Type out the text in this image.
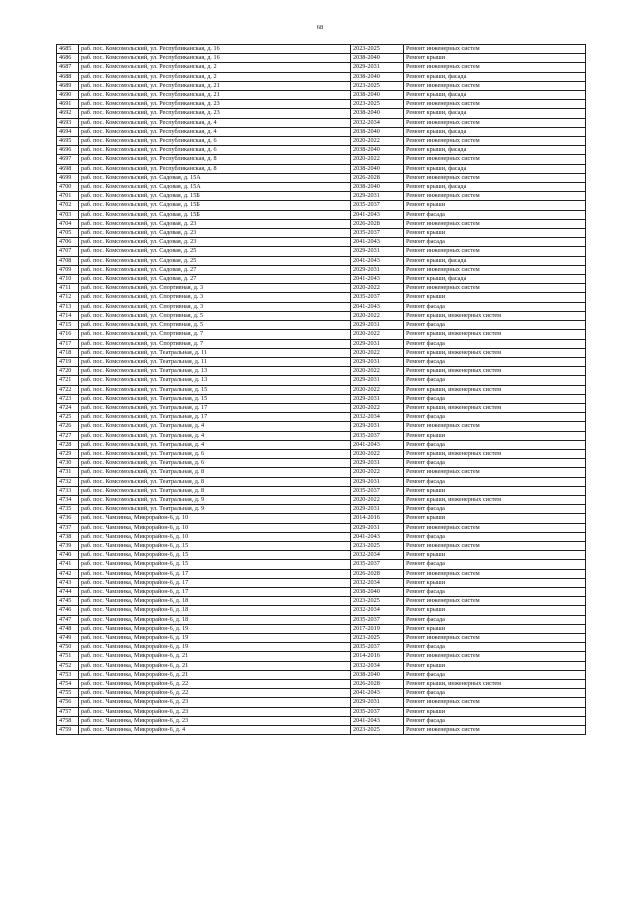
68
4685	раб. пос. Комсомольский, ул. Республиканская, д. 16	2023-2025	Ремонт инженерных систем
4686	раб. пос. Комсомольский, ул. Республиканская, д. 16	2038-2040	Ремонт крыши
4687	раб. пос. Комсомольский, ул. Республиканская, д. 2	2029-2031	Ремонт инженерных систем
4688	раб. пос. Комсомольский, ул. Республиканская, д. 2	2038-2040	Ремонт крыши, фасада
4689	раб. пос. Комсомольский, ул. Республиканская, д. 21	2023-2025	Ремонт инженерных систем
4690	раб. пос. Комсомольский, ул. Республиканская, д. 21	2038-2040	Ремонт крыши, фасада
4691	раб. пос. Комсомольский, ул. Республиканская, д. 23	2023-2025	Ремонт инженерных систем
4692	раб. пос. Комсомольский, ул. Республиканская, д. 23	2038-2040	Ремонт крыши, фасада
4693	раб. пос. Комсомольский, ул. Республиканская, д. 4	2032-2034	Ремонт инженерных систем
4694	раб. пос. Комсомольский, ул. Республиканская, д. 4	2038-2040	Ремонт крыши, фасада
4695	раб. пос. Комсомольский, ул. Республиканская, д. 6	2020-2022	Ремонт инженерных систем
4696	раб. пос. Комсомольский, ул. Республиканская, д. 6	2038-2040	Ремонт крыши, фасада
4697	раб. пос. Комсомольский, ул. Республиканская, д. 8	2020-2022	Ремонт инженерных систем
4698	раб. пос. Комсомольский, ул. Республиканская, д. 8	2038-2040	Ремонт крыши, фасада
4699	раб. пос. Комсомольский, ул. Садовая, д. 15А	2026-2028	Ремонт инженерных систем
4700	раб. пос. Комсомольский, ул. Садовая, д. 15А	2038-2040	Ремонт крыши, фасада
4701	раб. пос. Комсомольский, ул. Садовая, д. 15Б	2029-2031	Ремонт инженерных систем
4702	раб. пос. Комсомольский, ул. Садовая, д. 15Б	2035-2037	Ремонт крыши
4703	раб. пос. Комсомольский, ул. Садовая, д. 15Б	2041-2043	Ремонт фасада
4704	раб. пос. Комсомольский, ул. Садовая, д. 23	2026-2028	Ремонт инженерных систем
4705	раб. пос. Комсомольский, ул. Садовая, д. 23	2035-2037	Ремонт крыши
4706	раб. пос. Комсомольский, ул. Садовая, д. 23	2041-2043	Ремонт фасада
4707	раб. пос. Комсомольский, ул. Садовая, д. 25	2029-2031	Ремонт инженерных систем
4708	раб. пос. Комсомольский, ул. Садовая, д. 25	2041-2043	Ремонт крыши, фасада
4709	раб. пос. Комсомольский, ул. Садовая, д. 27	2029-2031	Ремонт инженерных систем
4710	раб. пос. Комсомольский, ул. Садовая, д. 27	2041-2043	Ремонт крыши, фасада
4711	раб. пос. Комсомольский, ул. Спортивная, д. 3	2020-2022	Ремонт инженерных систем
4712	раб. пос. Комсомольский, ул. Спортивная, д. 3	2035-2037	Ремонт крыши
4713	раб. пос. Комсомольский, ул. Спортивная, д. 3	2041-2043	Ремонт фасада
4714	раб. пос. Комсомольский, ул. Спортивная, д. 5	2020-2022	Ремонт крыши, инженерных систем
4715	раб. пос. Комсомольский, ул. Спортивная, д. 5	2029-2031	Ремонт фасада
4716	раб. пос. Комсомольский, ул. Спортивная, д. 7	2020-2022	Ремонт крыши, инженерных систем
4717	раб. пос. Комсомольский, ул. Спортивная, д. 7	2029-2031	Ремонт фасада
4718	раб. пос. Комсомольский, ул. Театральная, д. 11	2020-2022	Ремонт крыши, инженерных систем
4719	раб. пос. Комсомольский, ул. Театральная, д. 11	2029-2031	Ремонт фасада
4720	раб. пос. Комсомольский, ул. Театральная, д. 13	2020-2022	Ремонт крыши, инженерных систем
4721	раб. пос. Комсомольский, ул. Театральная, д. 13	2029-2031	Ремонт фасада
4722	раб. пос. Комсомольский, ул. Театральная, д. 15	2020-2022	Ремонт крыши, инженерных систем
4723	раб. пос. Комсомольский, ул. Театральная, д. 15	2029-2031	Ремонт фасада
4724	раб. пос. Комсомольский, ул. Театральная, д. 17	2020-2022	Ремонт крыши, инженерных систем
4725	раб. пос. Комсомольский, ул. Театральная, д. 17	2032-2034	Ремонт фасада
4726	раб. пос. Комсомольский, ул. Театральная, д. 4	2029-2031	Ремонт инженерных систем
4727	раб. пос. Комсомольский, ул. Театральная, д. 4	2035-2037	Ремонт крыши
4728	раб. пос. Комсомольский, ул. Театральная, д. 4	2041-2043	Ремонт фасада
4729	раб. пос. Комсомольский, ул. Театральная, д. 6	2020-2022	Ремонт крыши, инженерных систем
4730	раб. пос. Комсомольский, ул. Театральная, д. 6	2029-2031	Ремонт фасада
4731	раб. пос. Комсомольский, ул. Театральная, д. 8	2020-2022	Ремонт инженерных систем
4732	раб. пос. Комсомольский, ул. Театральная, д. 8	2029-2031	Ремонт фасада
4733	раб. пос. Комсомольский, ул. Театральная, д. 8	2035-2037	Ремонт крыши
4734	раб. пос. Комсомольский, ул. Театральная, д. 9	2020-2022	Ремонт крыши, инженерных систем
4735	раб. пос. Комсомольский, ул. Театральная, д. 9	2029-2031	Ремонт фасада
4736	раб. пос. Чамзинка, Микрорайон-6, д. 10	2014-2016	Ремонт крыши
4737	раб. пос. Чамзинка, Микрорайон-6, д. 10	2029-2031	Ремонт инженерных систем
4738	раб. пос. Чамзинка, Микрорайон-6, д. 10	2041-2043	Ремонт фасада
4739	раб. пос. Чамзинка, Микрорайон-6, д. 15	2023-2025	Ремонт инженерных систем
4740	раб. пос. Чамзинка, Микрорайон-6, д. 15	2032-2034	Ремонт крыши
4741	раб. пос. Чамзинка, Микрорайон-6, д. 15	2035-2037	Ремонт фасада
4742	раб. пос. Чамзинка, Микрорайон-6, д. 17	2026-2028	Ремонт инженерных систем
4743	раб. пос. Чамзинка, Микрорайон-6, д. 17	2032-2034	Ремонт крыши
4744	раб. пос. Чамзинка, Микрорайон-6, д. 17	2038-2040	Ремонт фасада
4745	раб. пос. Чамзинка, Микрорайон-6, д. 18	2023-2025	Ремонт инженерных систем
4746	раб. пос. Чамзинка, Микрорайон-6, д. 18	2032-2034	Ремонт крыши
4747	раб. пос. Чамзинка, Микрорайон-6, д. 18	2035-2037	Ремонт фасада
4748	раб. пос. Чамзинка, Микрорайон-6, д. 19	2017-2019	Ремонт крыши
4749	раб. пос. Чамзинка, Микрорайон-6, д. 19	2023-2025	Ремонт инженерных систем
4750	раб. пос. Чамзинка, Микрорайон-6, д. 19	2035-2037	Ремонт фасада
4751	раб. пос. Чамзинка, Микрорайон-6, д. 21	2014-2016	Ремонт инженерных систем
4752	раб. пос. Чамзинка, Микрорайон-6, д. 21	2032-2034	Ремонт крыши
4753	раб. пос. Чамзинка, Микрорайон-6, д. 21	2038-2040	Ремонт фасада
4754	раб. пос. Чамзинка, Микрорайон-6, д. 22	2026-2028	Ремонт крыши, инженерных систем
4755	раб. пос. Чамзинка, Микрорайон-6, д. 22	2041-2043	Ремонт фасада
4756	раб. пос. Чамзинка, Микрорайон-6, д. 23	2029-2031	Ремонт инженерных систем
4757	раб. пос. Чамзинка, Микрорайон-6, д. 23	2035-2037	Ремонт крыши
4758	раб. пос. Чамзинка, Микрорайон-6, д. 23	2041-2043	Ремонт фасада
4759	раб. пос. Чамзинка, Микрорайон-6, д. 4	2023-2025	Ремонт инженерных систем
